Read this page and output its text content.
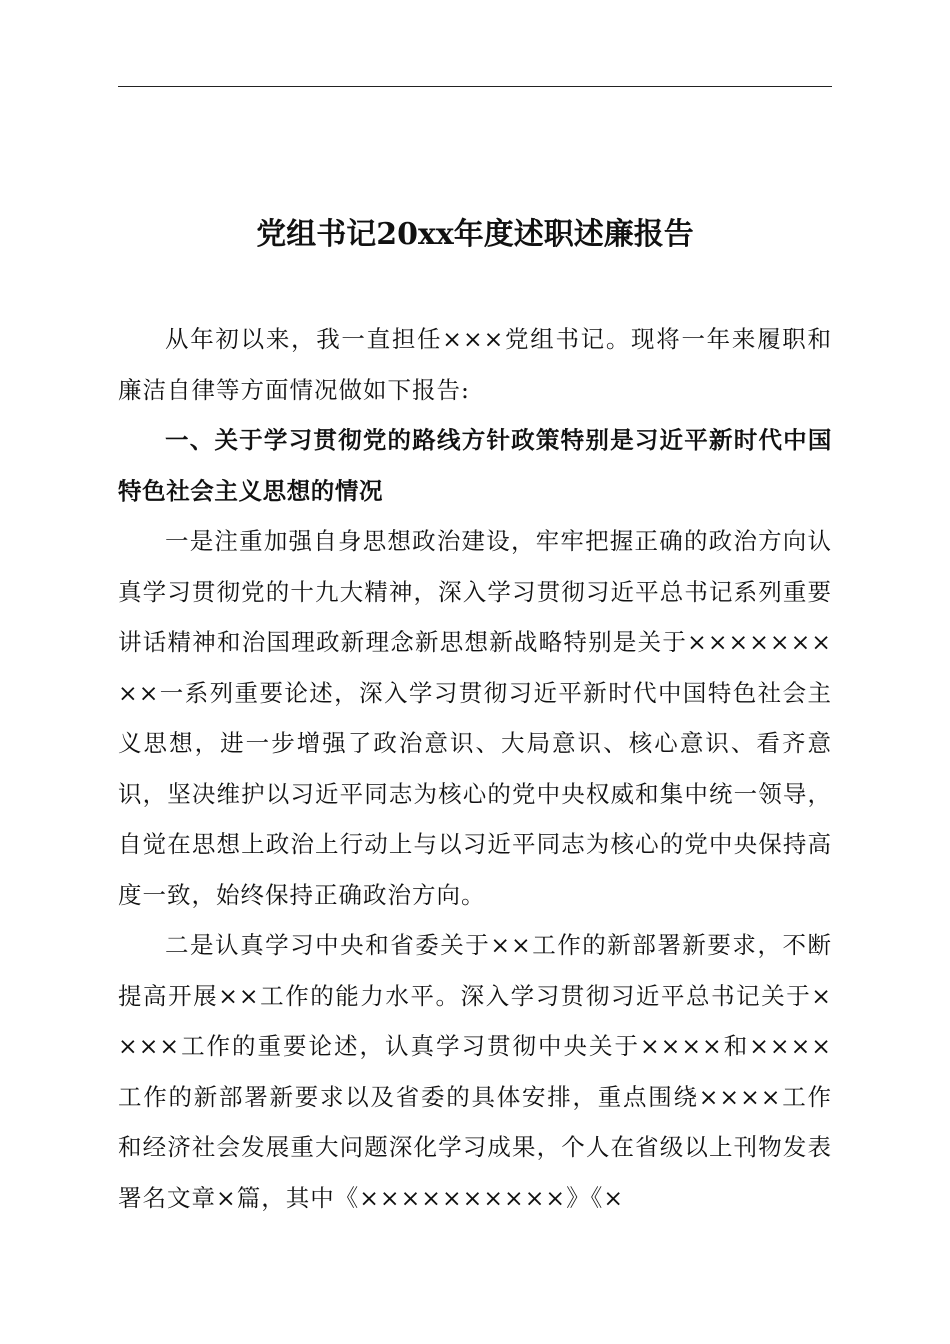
党组书记20xx年度述职述廉报告

从年初以来，我一直担任×××党组书记。现将一年来履职和廉洁自律等方面情况做如下报告:

一、关于学习贯彻党的路线方针政策特别是习近平新时代中国特色社会主义思想的情况

一是注重加强自身思想政治建设，牢牢把握正确的政治方向认真学习贯彻党的十九大精神，深入学习贯彻习近平总书记系列重要讲话精神和治国理政新理念新思想新战略特别是关于×××××××××一系列重要论述，深入学习贯彻习近平新时代中国特色社会主义思想，进一步增强了政治意识、大局意识、核心意识、看齐意识，坚决维护以习近平同志为核心的党中央权威和集中统一领导，自觉在思想上政治上行动上与以习近平同志为核心的党中央保持高度一致，始终保持正确政治方向。

二是认真学习中央和省委关于××工作的新部署新要求，不断提高开展××工作的能力水平。深入学习贯彻习近平总书记关于××××工作的重要论述，认真学习贯彻中央关于××××和××××工作的新部署新要求以及省委的具体安排，重点围绕××××工作和经济社会发展重大问题深化学习成果，个人在省级以上刊物发表署名文章×篇，其中《××××××××××》《×
